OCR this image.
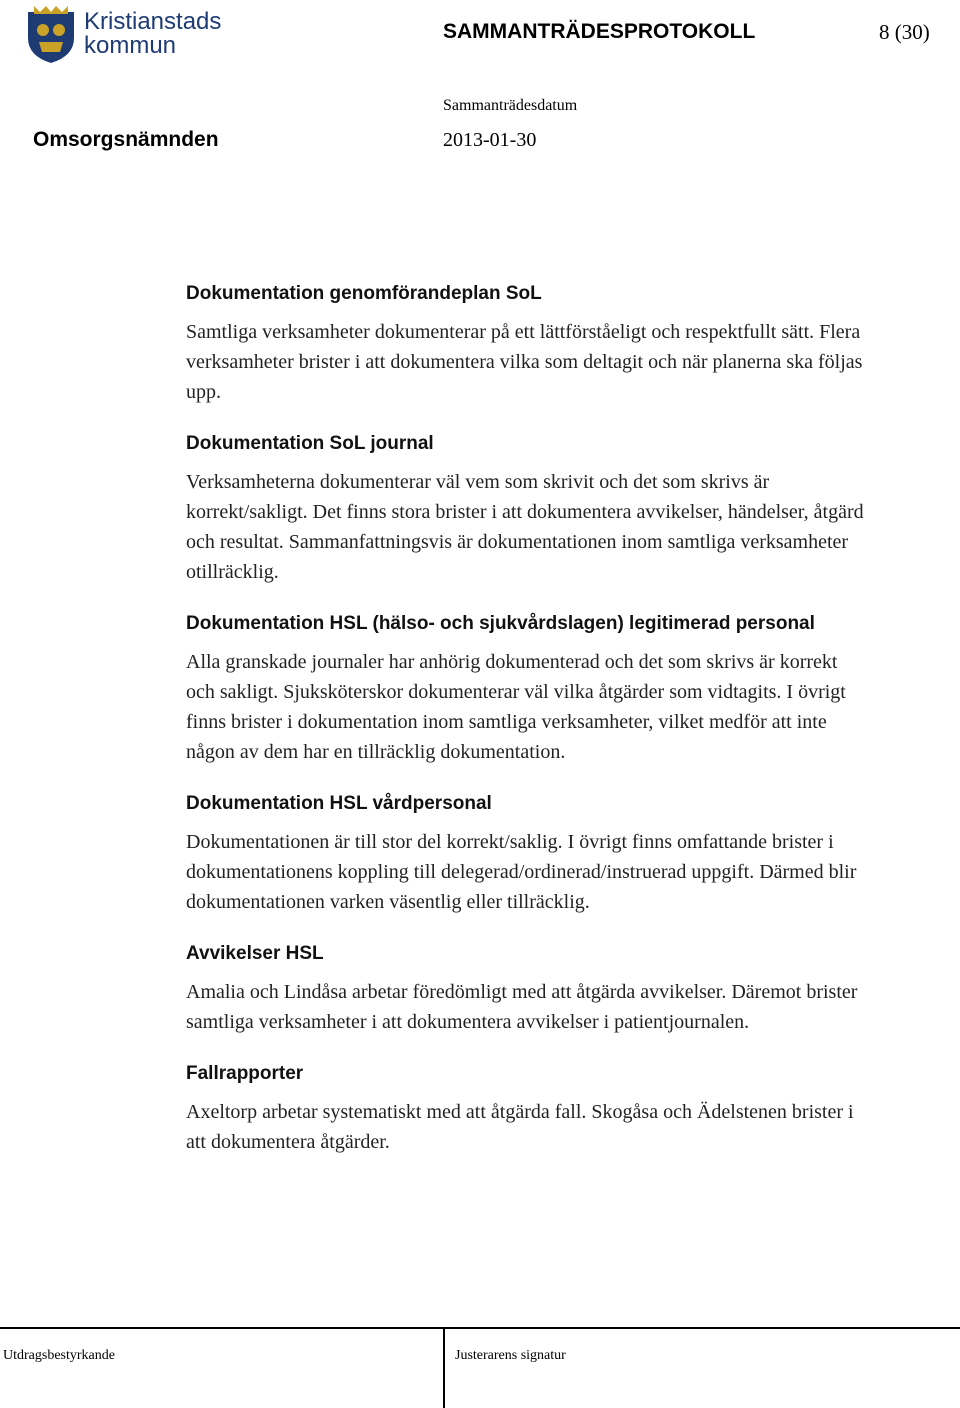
Kristianstads
kommun
SAMMANTRÄDESPROTOKOLL	8 (30)
Sammanträdesdatum
Omsorgsnämnden	2013-01-30
Dokumentation genomförandeplan SoL

Samtliga verksamheter dokumenterar på ett lättförståeligt och respektfullt sätt. Flera verksamheter brister i att dokumentera vilka som deltagit och när planerna ska följas upp.

Dokumentation SoL journal

Verksamheterna dokumenterar väl vem som skrivit och det som skrivs är korrekt/sakligt. Det finns stora brister i att dokumentera avvikelser, händelser, åtgärd och resultat. Sammanfattningsvis är dokumentationen inom samtliga verksamheter otillräcklig.

Dokumentation HSL (hälso- och sjukvårdslagen) legitimerad personal

Alla granskade journaler har anhörig dokumenterad och det som skrivs är korrekt och sakligt. Sjuksköterskor dokumenterar väl vilka åtgärder som vidtagits. I övrigt finns brister i dokumentation inom samtliga verksamheter, vilket medför att inte någon av dem har en tillräcklig dokumentation.

Dokumentation HSL vårdpersonal

Dokumentationen är till stor del korrekt/saklig. I övrigt finns omfattande brister i dokumentationens koppling till delegerad/ordinerad/instruerad uppgift. Därmed blir dokumentationen varken väsentlig eller tillräcklig.

Avvikelser HSL

Amalia och Lindåsa arbetar föredömligt med att åtgärda avvikelser. Däremot brister samtliga verksamheter i att dokumentera avvikelser i patientjournalen.

Fallrapporter

Axeltorp arbetar systematiskt med att åtgärda fall. Skogåsa och Ädelstenen brister i att dokumentera åtgärder.

Utdragsbestyrkande	Justerarens signatur
